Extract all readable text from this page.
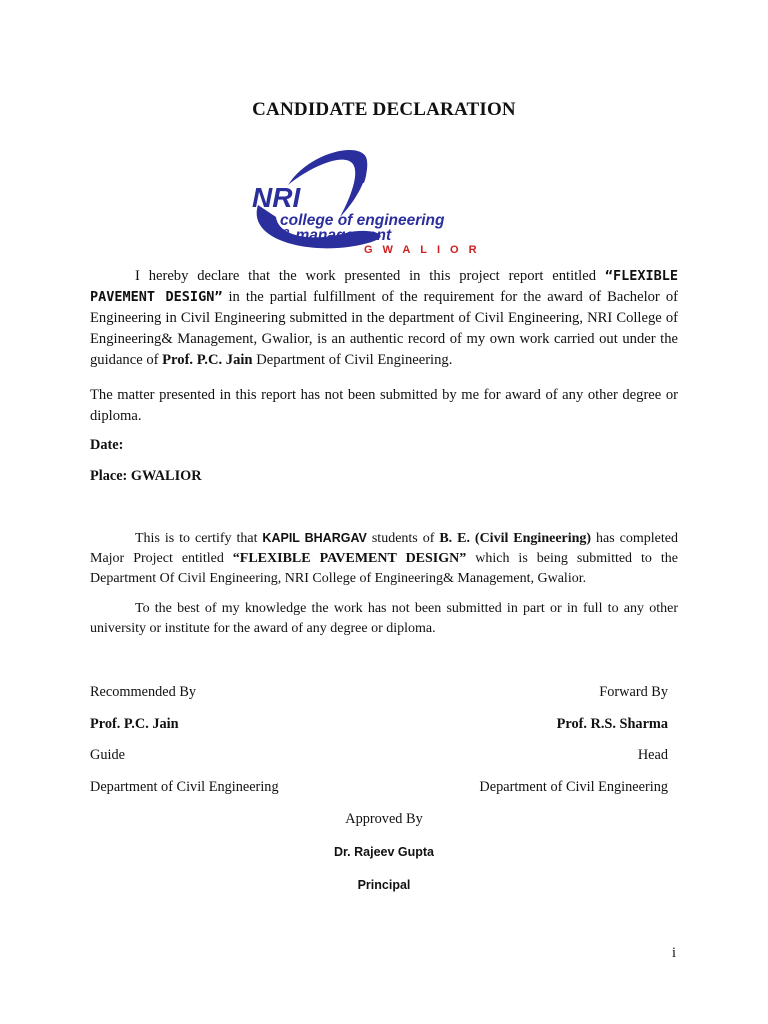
CANDIDATE DECLARATION
NRI
college of engineering
& management
GWALIOR

I hereby declare that the work presented in this project report entitled “FLEXIBLE PAVEMENT DESIGN” in the partial fulfillment of the requirement for the award of Bachelor of Engineering in Civil Engineering submitted in the department of Civil Engineering, NRI College of Engineering& Management, Gwalior, is an authentic record of my own work carried out under the guidance of Prof. P.C. Jain Department of Civil Engineering.

The matter presented in this report has not been submitted by me for award of any other degree or diploma.

Date:
Place: GWALIOR

This is to certify that KAPIL BHARGAV students of B. E. (Civil Engineering) has completed Major Project entitled “FLEXIBLE PAVEMENT DESIGN” which is being submitted to the Department Of Civil Engineering, NRI College of Engineering& Management, Gwalior.

To the best of my knowledge the work has not been submitted in part or in full to any other university or institute for the award of any degree or diploma.

Recommended By	Forward By
Prof. P.C. Jain	Prof. R.S. Sharma
Guide	Head
Department of Civil Engineering	Department of Civil Engineering
Approved By
Dr. Rajeev Gupta
Principal
i
